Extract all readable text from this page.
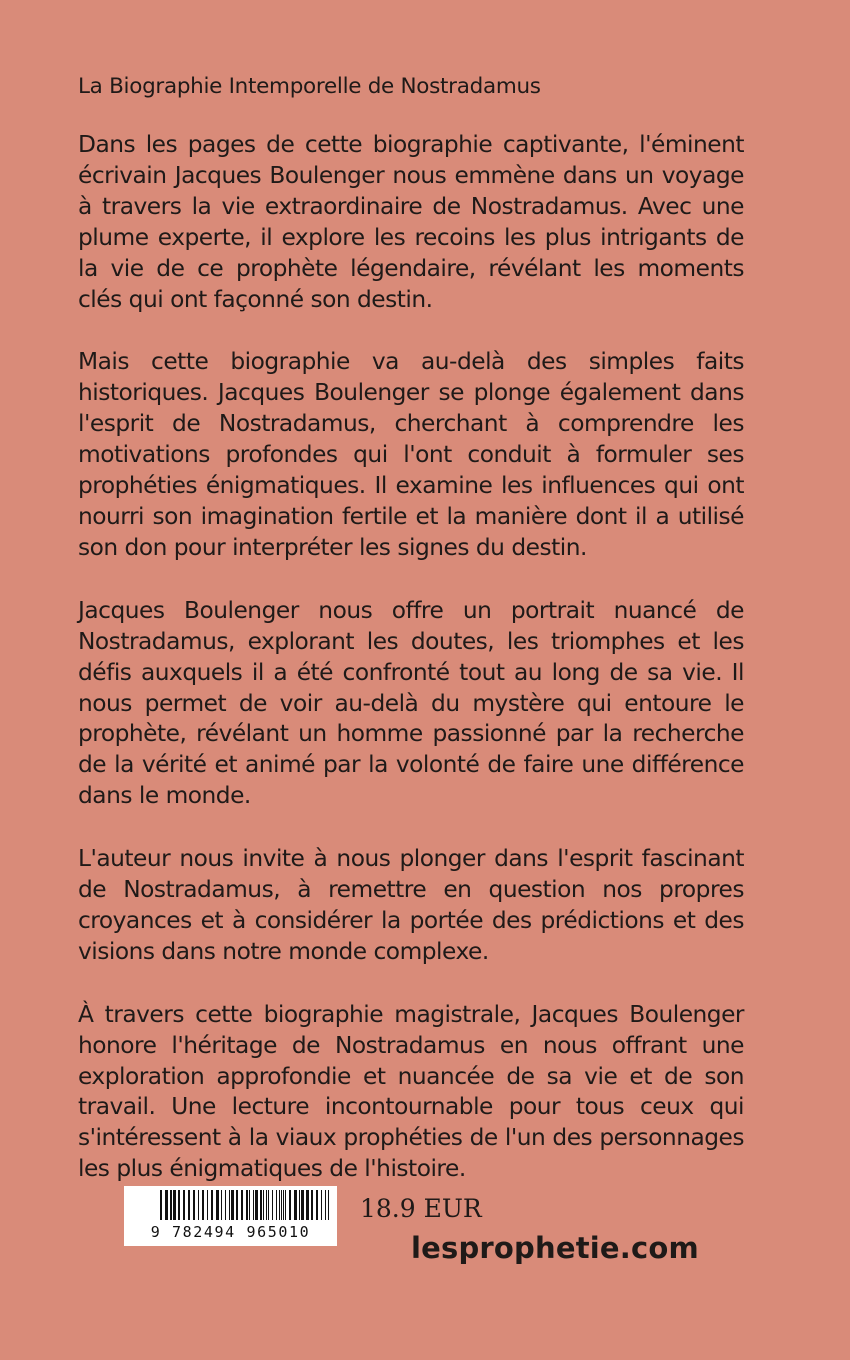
La Biographie Intemporelle de Nostradamus

Dans les pages de cette biographie captivante, l'éminent écrivain Jacques Boulenger nous emmène dans un voyage à travers la vie extraordinaire de Nostradamus. Avec une plume experte, il explore les recoins les plus intrigants de la vie de ce prophète légendaire, révélant les moments clés qui ont façonné son destin.

Mais cette biographie va au-delà des simples faits historiques. Jacques Boulenger se plonge également dans l'esprit de Nostradamus, cherchant à comprendre les motivations profondes qui l'ont conduit à formuler ses prophéties énigmatiques. Il examine les influences qui ont nourri son imagination fertile et la manière dont il a utilisé son don pour interpréter les signes du destin.

Jacques Boulenger nous offre un portrait nuancé de Nostradamus, explorant les doutes, les triomphes et les défis auxquels il a été confronté tout au long de sa vie. Il nous permet de voir au-delà du mystère qui entoure le prophète, révélant un homme passionné par la recherche de la vérité et animé par la volonté de faire une différence dans le monde.

L'auteur nous invite à nous plonger dans l'esprit fascinant de Nostradamus, à remettre en question nos propres croyances et à considérer la portée des prédictions et des visions dans notre monde complexe.

À travers cette biographie magistrale, Jacques Boulenger honore l'héritage de Nostradamus en nous offrant une exploration approfondie et nuancée de sa vie et de son travail. Une lecture incontournable pour tous ceux qui s'intéressent à la viaux prophéties de l'un des personnages les plus énigmatiques de l'histoire.

9 782494 965010
18.9 EUR
lesprophetie.com
